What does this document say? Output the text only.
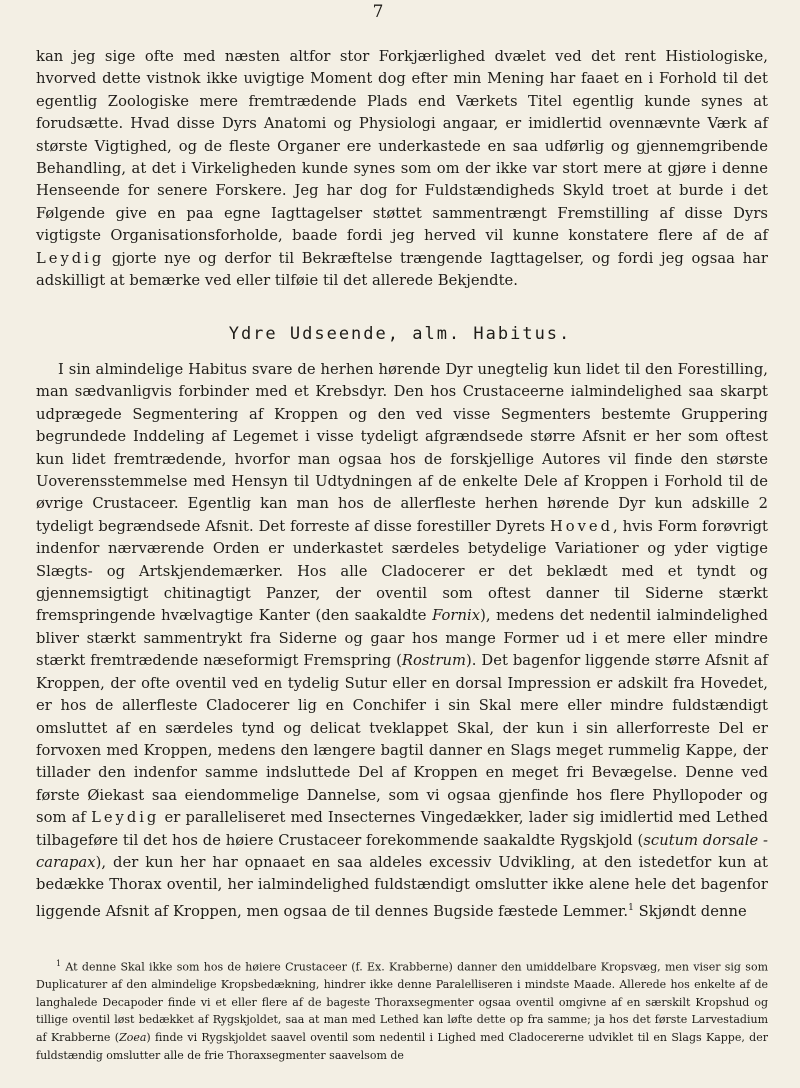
7

kan jeg sige ofte med næsten altfor stor Forkjærlighed dvælet ved det rent Histiologiske, hvorved dette vistnok ikke uvigtige Moment dog efter min Mening har faaet en i Forhold til det egentlig Zoologiske mere fremtrædende Plads end Værkets Titel egentlig kunde synes at forudsætte. Hvad disse Dyrs Anatomi og Physiologi angaar, er imidlertid ovennævnte Værk af største Vigtighed, og de fleste Organer ere underkastede en saa udførlig og gjennemgribende Behandling, at det i Virkeligheden kunde synes som om der ikke var stort mere at gjøre i denne Henseende for senere Forskere. Jeg har dog for Fuldstændigheds Skyld troet at burde i det Følgende give en paa egne Iagttagelser støttet sammentrængt Fremstilling af disse Dyrs vigtigste Organisationsforholde, baade fordi jeg herved vil kunne konstatere flere af de af Leydig gjorte nye og derfor til Bekræftelse trængende Iagttagelser, og fordi jeg ogsaa har adskilligt at bemærke ved eller tilføie til det allerede Bekjendte.

Ydre Udseende, alm. Habitus.

I sin almindelige Habitus svare de herhen hørende Dyr unegtelig kun lidet til den Forestilling, man sædvanligvis forbinder med et Krebsdyr. Den hos Crustaceerne ialmindelighed saa skarpt udprægede Segmentering af Kroppen og den ved visse Segmenters bestemte Gruppering begrundede Inddeling af Legemet i visse tydeligt afgrændsede større Afsnit er her som oftest kun lidet fremtrædende, hvorfor man ogsaa hos de forskjellige Autores vil finde den største Uoverensstemmelse med Hensyn til Udtydningen af de enkelte Dele af Kroppen i Forhold til de øvrige Crustaceer. Egentlig kan man hos de allerfleste herhen hørende Dyr kun adskille 2 tydeligt begrændsede Afsnit. Det forreste af disse forestiller Dyrets Hoved, hvis Form forøvrigt indenfor nærværende Orden er underkastet særdeles betydelige Variationer og yder vigtige Slægts- og Artskjendemærker. Hos alle Cladocerer er det beklædt med et tyndt og gjennemsigtigt chitinagtigt Panzer, der oventil som oftest danner til Siderne stærkt fremspringende hvælvagtige Kanter (den saakaldte Fornix), medens det nedentil ialmindelighed bliver stærkt sammentrykt fra Siderne og gaar hos mange Former ud i et mere eller mindre stærkt fremtrædende næseformigt Fremspring (Rostrum). Det bagenfor liggende større Afsnit af Kroppen, der ofte oventil ved en tydelig Sutur eller en dorsal Impression er adskilt fra Hovedet, er hos de allerfleste Cladocerer lig en Conchifer i sin Skal mere eller mindre fuldstændigt omsluttet af en særdeles tynd og delicat tveklappet Skal, der kun i sin allerforreste Del er forvoxen med Kroppen, medens den længere bagtil danner en Slags meget rummelig Kappe, der tillader den indenfor samme indsluttede Del af Kroppen en meget fri Bevægelse. Denne ved første Øiekast saa eiendommelige Dannelse, som vi ogsaa gjenfinde hos flere Phyllopoder og som af Leydig er paralleliseret med Insecternes Vingedækker, lader sig imidlertid med Lethed tilbageføre til det hos de høiere Crustaceer forekommende saakaldte Rygskjold (scutum dorsale - carapax), der kun her har opnaaet en saa aldeles excessiv Udvikling, at den istedetfor kun at bedække Thorax oventil, her ialmindelighed fuldstændigt omslutter ikke alene hele det bagenfor liggende Afsnit af Kroppen, men ogsaa de til dennes Bugside fæstede Lemmer.$^1$ Skjøndt denne

$^1$ At denne Skal ikke som hos de høiere Crustaceer (f. Ex. Krabberne) danner den umiddelbare Kropsvæg, men viser sig som Duplicaturer af den almindelige Kropsbedækning, hindrer ikke denne Paralelliseren i mindste Maade. Allerede hos enkelte af de langhalede Decapoder finde vi et eller flere af de bageste Thoraxsegmenter ogsaa oventil omgivne af en særskilt Kropshud og tillige oventil løst bedækket af Rygskjoldet, saa at man med Lethed kan løfte dette op fra samme; ja hos det første Larvestadium af Krabberne (Zoea) finde vi Rygskjoldet saavel oventil som nedentil i Lighed med Cladocererne udviklet til en Slags Kappe, der fuldstændig omslutter alle de frie Thoraxsegmenter saavelsom de
